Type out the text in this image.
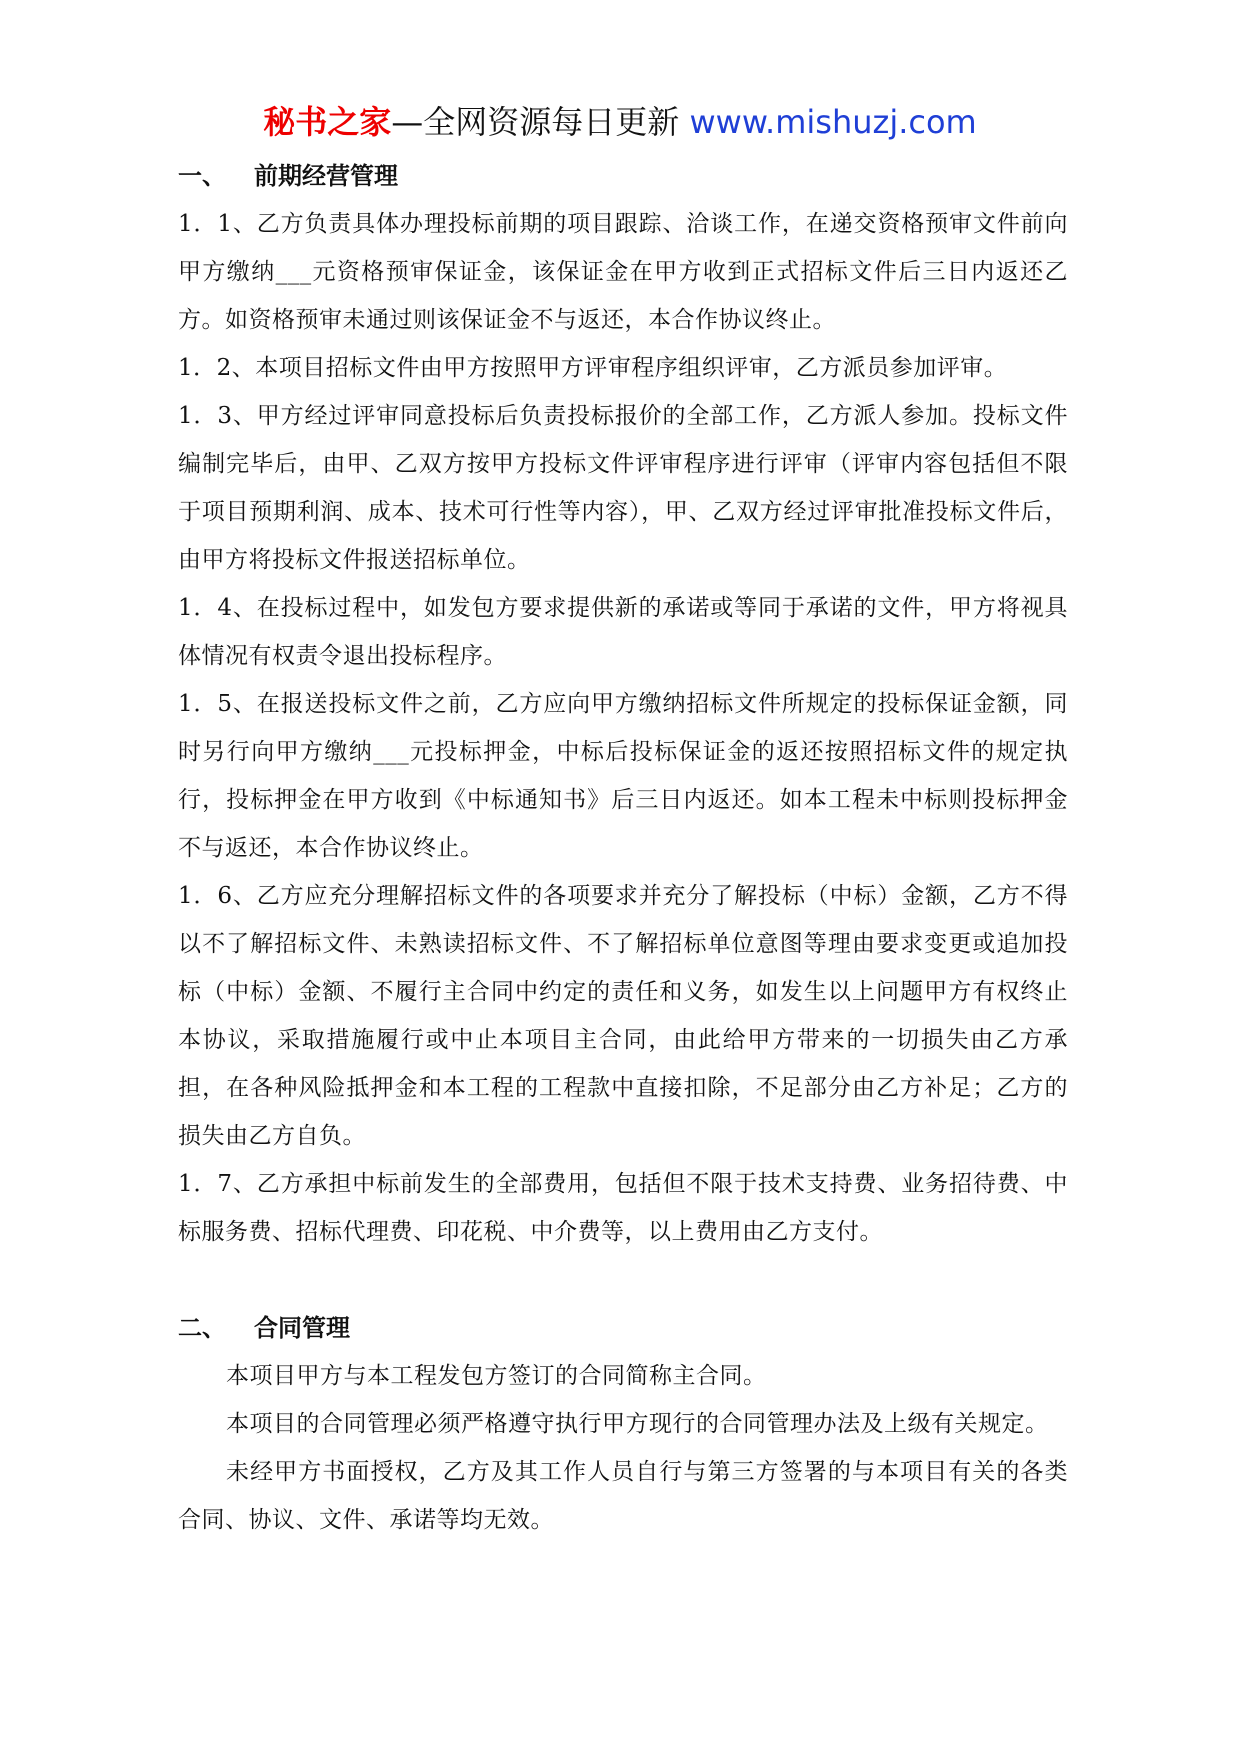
秘书之家—全网资源每日更新 www.mishuzj.com
一、 前期经营管理

1．1、乙方负责具体办理投标前期的项目跟踪、洽谈工作，在递交资格预审文件前向甲方缴纳___元资格预审保证金，该保证金在甲方收到正式招标文件后三日内返还乙方。如资格预审未通过则该保证金不与返还，本合作协议终止。

1．2、本项目招标文件由甲方按照甲方评审程序组织评审，乙方派员参加评审。

1．3、甲方经过评审同意投标后负责投标报价的全部工作，乙方派人参加。投标文件编制完毕后，由甲、乙双方按甲方投标文件评审程序进行评审（评审内容包括但不限于项目预期利润、成本、技术可行性等内容），甲、乙双方经过评审批准投标文件后，由甲方将投标文件报送招标单位。

1．4、在投标过程中，如发包方要求提供新的承诺或等同于承诺的文件，甲方将视具体情况有权责令退出投标程序。

1．5、在报送投标文件之前，乙方应向甲方缴纳招标文件所规定的投标保证金额，同时另行向甲方缴纳___元投标押金，中标后投标保证金的返还按照招标文件的规定执行，投标押金在甲方收到《中标通知书》后三日内返还。如本工程未中标则投标押金不与返还，本合作协议终止。

1．6、乙方应充分理解招标文件的各项要求并充分了解投标（中标）金额，乙方不得以不了解招标文件、未熟读招标文件、不了解招标单位意图等理由要求变更或追加投标（中标）金额、不履行主合同中约定的责任和义务，如发生以上问题甲方有权终止本协议，采取措施履行或中止本项目主合同，由此给甲方带来的一切损失由乙方承担，在各种风险抵押金和本工程的工程款中直接扣除，不足部分由乙方补足；乙方的损失由乙方自负。

1．7、乙方承担中标前发生的全部费用，包括但不限于技术支持费、业务招待费、中标服务费、招标代理费、印花税、中介费等，以上费用由乙方支付。

二、 合同管理

本项目甲方与本工程发包方签订的合同简称主合同。

本项目的合同管理必须严格遵守执行甲方现行的合同管理办法及上级有关规定。

未经甲方书面授权，乙方及其工作人员自行与第三方签署的与本项目有关的各类合同、协议、文件、承诺等均无效。
